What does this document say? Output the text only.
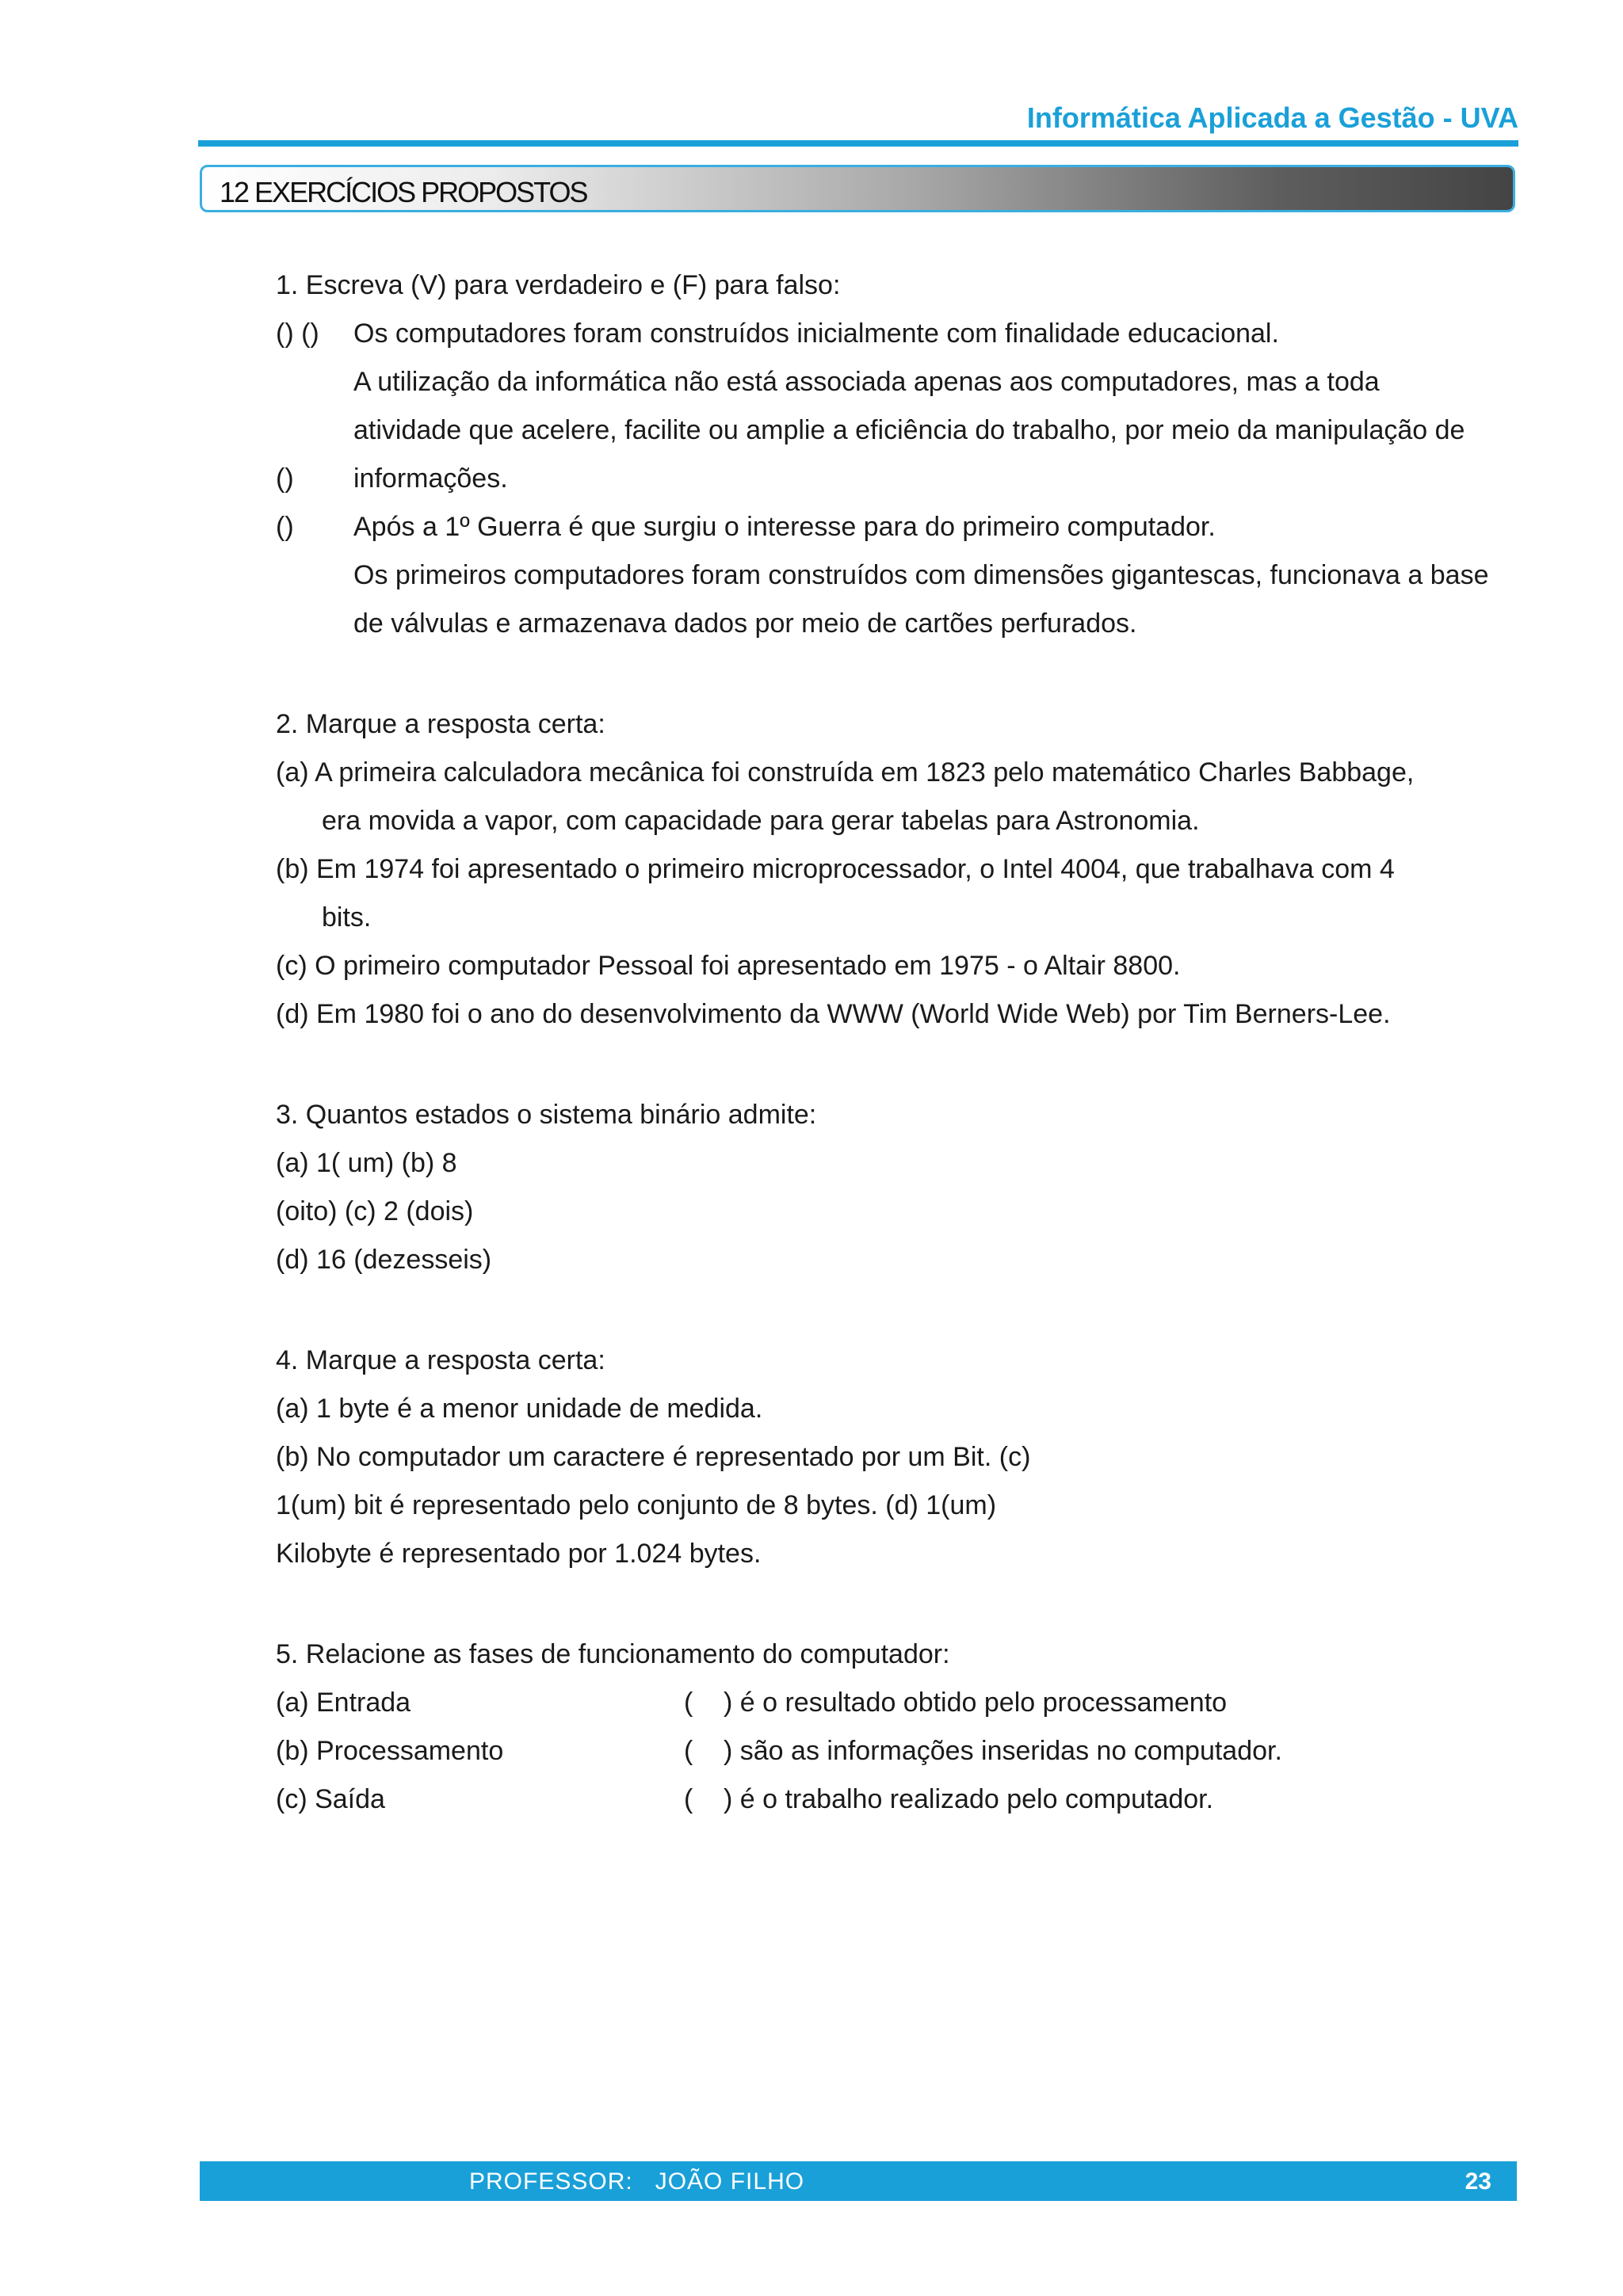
Informática Aplicada a Gestão - UVA
12 EXERCÍCIOS PROPOSTOS
1. Escreva (V) para verdadeiro e (F) para falso:
() ()	Os computadores foram construídos inicialmente com finalidade educacional.
A utilização da informática não está associada apenas aos computadores, mas a toda
atividade que acelere, facilite ou amplie a eficiência do trabalho, por meio da manipulação de
()	informações.
()	Após a 1º Guerra é que surgiu o interesse para do primeiro computador.
Os primeiros computadores foram construídos com dimensões gigantescas, funcionava a base
de válvulas e armazenava dados por meio de cartões perfurados.
2. Marque a resposta certa:
(a) A primeira calculadora mecânica foi construída em 1823 pelo matemático Charles Babbage,
era movida a vapor, com capacidade para gerar tabelas para Astronomia.
(b) Em 1974 foi apresentado o primeiro microprocessador, o Intel 4004, que trabalhava com 4
bits.
(c) O primeiro computador Pessoal foi apresentado em 1975 - o Altair 8800.
(d) Em 1980 foi o ano do desenvolvimento da WWW (World Wide Web) por Tim Berners-Lee.
3. Quantos estados o sistema binário admite:
(a) 1( um) (b) 8
(oito) (c) 2 (dois)
(d) 16 (dezesseis)
4. Marque a resposta certa:
(a) 1 byte é a menor unidade de medida.
(b) No computador um caractere é representado por um Bit. (c)
1(um) bit é representado pelo conjunto de 8 bytes. (d) 1(um)
Kilobyte é representado por 1.024 bytes.
5. Relacione as fases de funcionamento do computador:
(a) Entrada	(	) é o resultado obtido pelo processamento
(b) Processamento	(	) são as informações inseridas no computador.
(c) Saída	(	) é o trabalho realizado pelo computador.
PROFESSOR:   JOÃO FILHO	23
